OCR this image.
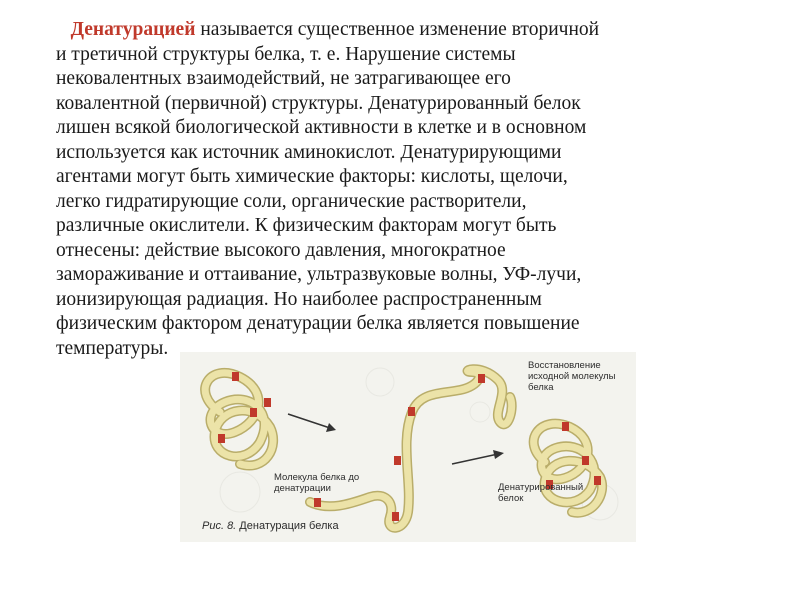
Денатурацией называется существенное изменение вторичной
и третичной структуры белка, т. е. Нарушение системы
нековалентных взаимодействий, не затрагивающее его
ковалентной (первичной) структуры. Денатурированный белок
лишен всякой биологической активности в клетке и в основном
используется как источник аминокислот. Денатурирующими
агентами могут быть химические факторы: кислоты, щелочи,
легко гидратирующие соли, органические растворители,
различные окислители. К физическим факторам могут быть
отнесены: действие высокого давления, многократное
замораживание и оттаивание, ультразвуковые волны, УФ-лучи,
ионизирующая радиация. Но наиболее распространенным
физическим фактором денатурации белка является повышение
температуры.
Молекула белка до денатурации	Денатурированный белок
Восстановление исходной молекулы белка
Рис. 8. Денатурация белка
